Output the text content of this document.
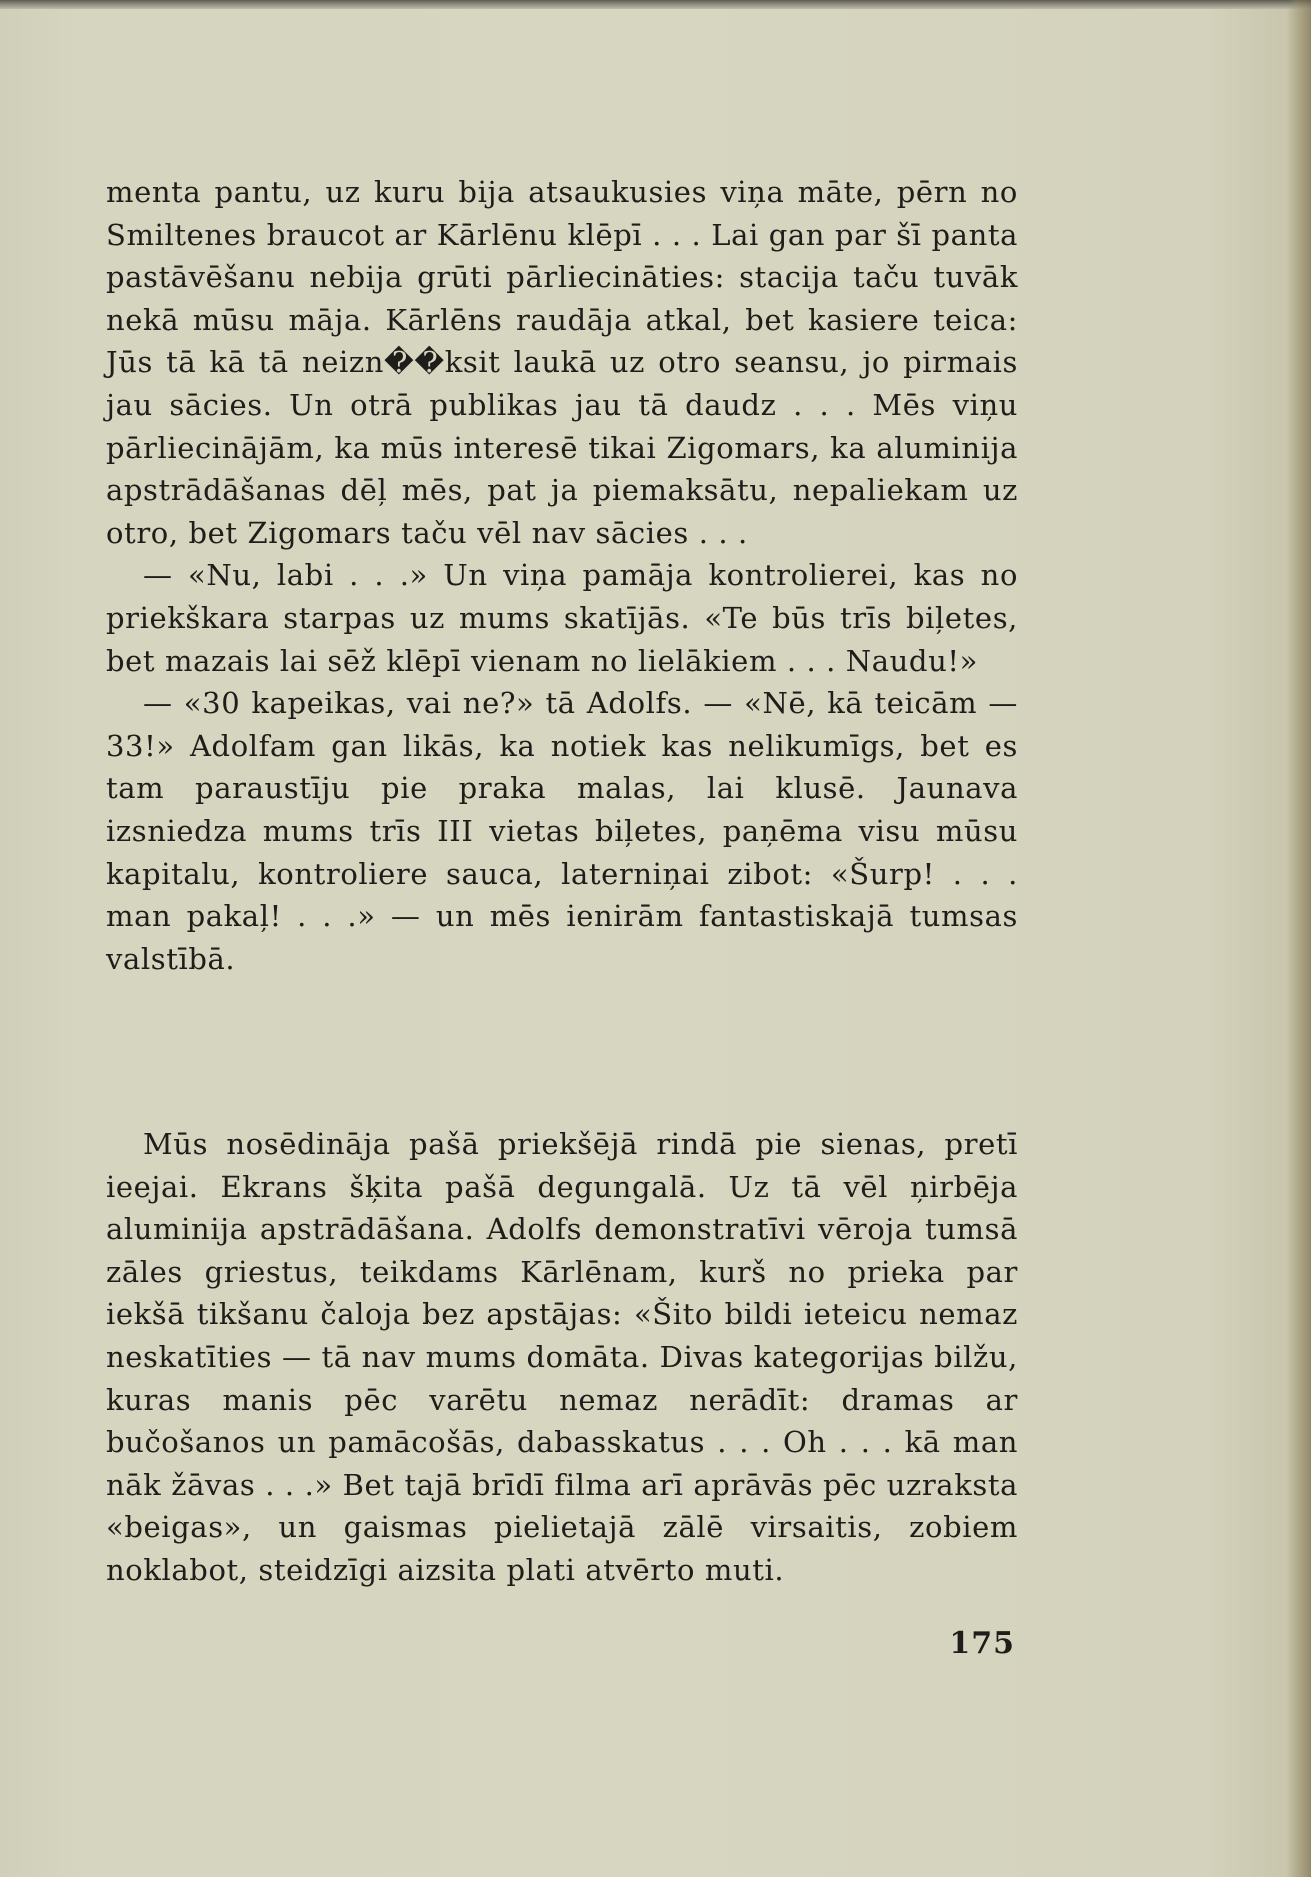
menta pantu, uz kuru bija atsaukusies viņa māte, pērn no Smiltenes braucot ar Kārlēnu klēpī . . . Lai gan par šī panta pastāvēšanu nebija grūti pārliecināties: stacija taču tuvāk nekā mūsu māja. Kārlēns raudāja atkal, bet kasiere teica: Jūs tā kā tā neizn��ksit laukā uz otro seansu, jo pirmais jau sācies. Un otrā publikas jau tā daudz . . . Mēs viņu pārliecinājām, ka mūs interesē tikai Zigomars, ka aluminija apstrādāšanas dēļ mēs, pat ja piemaksātu, nepaliekam uz otro, bet Zigomars taču vēl nav sācies . . .

— «Nu, labi . . .» Un viņa pamāja kontrolierei, kas no priekškara starpas uz mums skatījās. «Te būs trīs biļetes, bet mazais lai sēž klēpī vienam no lielākiem . . . Naudu!»

— «30 kapeikas, vai ne?» tā Adolfs. — «Nē, kā teicām — 33!» Adolfam gan likās, ka notiek kas nelikumīgs, bet es tam paraustīju pie praka malas, lai klusē. Jaunava izsniedza mums trīs III vietas biļetes, paņēma visu mūsu kapitalu, kontroliere sauca, laterniņai zibot: «Šurp! . . . man pakaļ! . . .» — un mēs ienirām fantastiskajā tumsas valstībā.

Mūs nosēdināja pašā priekšējā rindā pie sienas, pretī ieejai. Ekrans šķita pašā degungalā. Uz tā vēl ņirbēja aluminija apstrādāšana. Adolfs demonstratīvi vēroja tumsā zāles griestus, teikdams Kārlēnam, kurš no prieka par iekšā tikšanu čaloja bez apstājas: «Šito bildi ieteicu nemaz neskatīties — tā nav mums domāta. Divas kategorijas bilžu, kuras manis pēc varētu nemaz nerādīt: dramas ar bučošanos un pamācošās, dabasskatus . . . Oh . . . kā man nāk žāvas . . .» Bet tajā brīdī filma arī aprāvās pēc uzraksta «beigas», un gaismas pielietajā zālē virsaitis, zobiem noklabot, steidzīgi aizsita plati atvērto muti.

175
